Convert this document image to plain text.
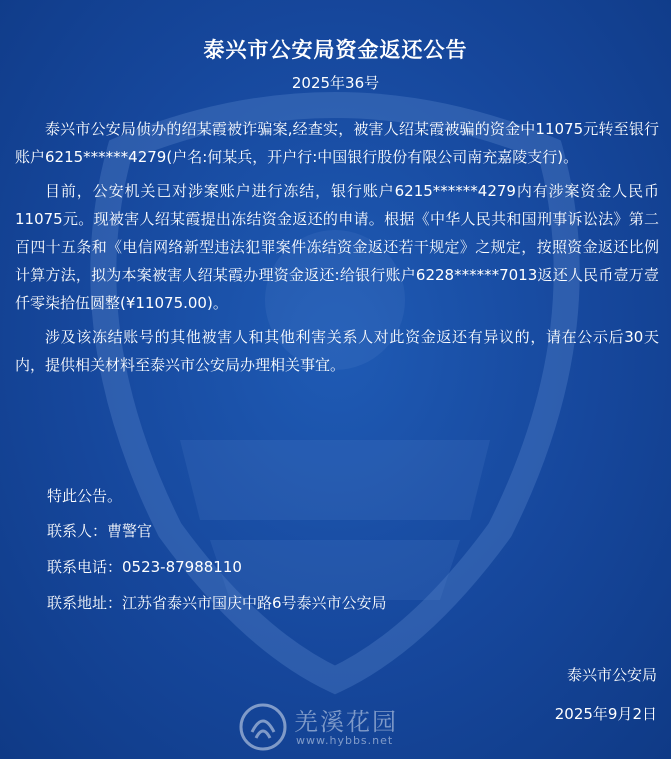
泰兴市公安局资金返还公告
2025年36号

泰兴市公安局侦办的绍某霞被诈骗案,经查实，被害人绍某霞被骗的资金中11075元转至银行账户6215******4279(户名:何某兵，开户行:中国银行股份有限公司南充嘉陵支行)。

目前，公安机关已对涉案账户进行冻结，银行账户6215******4279内有涉案资金人民币11075元。现被害人绍某霞提出冻结资金返还的申请。根据《中华人民共和国刑事诉讼法》第二百四十五条和《电信网络新型违法犯罪案件冻结资金返还若干规定》之规定，按照资金返还比例计算方法，拟为本案被害人绍某霞办理资金返还:给银行账户6228******7013返还人民币壹万壹仟零柒拾伍圆整(¥11075.00)。

涉及该冻结账号的其他被害人和其他利害关系人对此资金返还有异议的，请在公示后30天内，提供相关材料至泰兴市公安局办理相关事宜。

特此公告。
联系人：曹警官
联系电话：0523-87988110
联系地址：江苏省泰兴市国庆中路6号泰兴市公安局
泰兴市公安局
2025年9月2日
羌溪花园
www.hybbs.net
